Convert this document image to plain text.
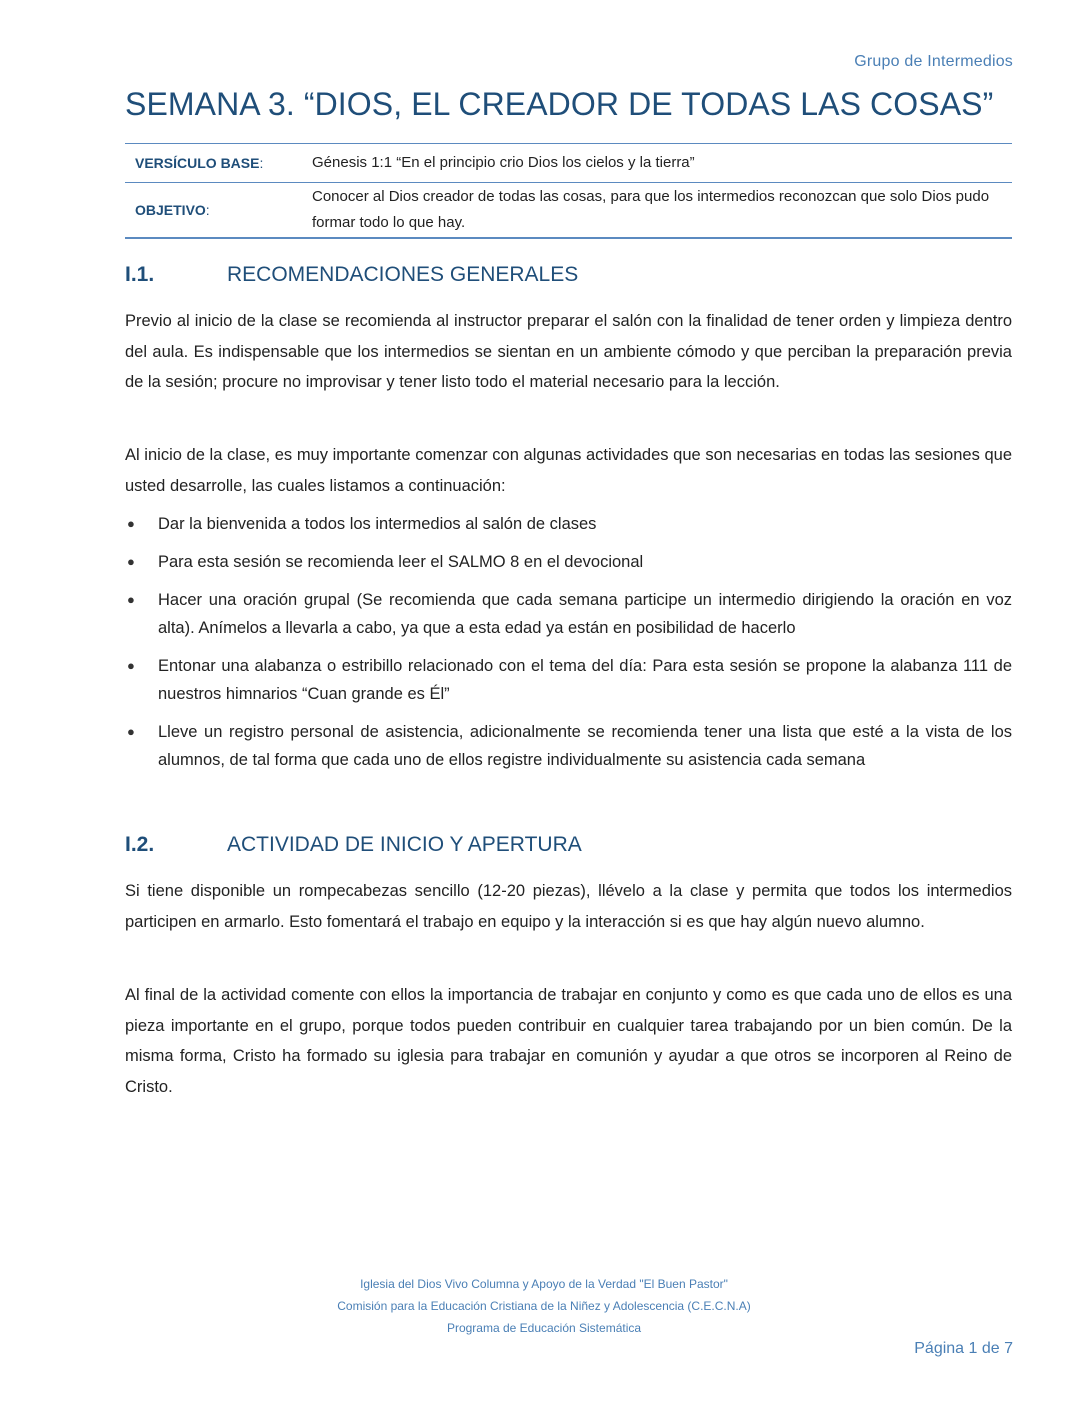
Grupo de Intermedios
SEMANA 3. “DIOS, EL CREADOR DE TODAS LAS COSAS”
VERSÍCULO BASE:	Génesis 1:1 “En el principio crio Dios los cielos y la tierra”
OBJETIVO:
Conocer al Dios creador de todas las cosas, para que los intermedios reconozcan que solo Dios pudo formar todo lo que hay.
I.1.	RECOMENDACIONES GENERALES

Previo al inicio de la clase se recomienda al instructor preparar el salón con la finalidad de tener orden y limpieza dentro del aula. Es indispensable que los intermedios se sientan en un ambiente cómodo y que perciban la preparación previa de la sesión; procure no improvisar y tener listo todo el material necesario para la lección.

Al inicio de la clase, es muy importante comenzar con algunas actividades que son necesarias en todas las sesiones que usted desarrolle, las cuales listamos a continuación:

● Dar la bienvenida a todos los intermedios al salón de clases
● Para esta sesión se recomienda leer el SALMO 8 en el devocional
● Hacer una oración grupal (Se recomienda que cada semana participe un intermedio dirigiendo la oración en voz alta). Anímelos a llevarla a cabo, ya que a esta edad ya están en posibilidad de hacerlo
● Entonar una alabanza o estribillo relacionado con el tema del día: Para esta sesión se propone la alabanza 111 de nuestros himnarios “Cuan grande es Él”
● Lleve un registro personal de asistencia, adicionalmente se recomienda tener una lista que esté a la vista de los alumnos, de tal forma que cada uno de ellos registre individualmente su asistencia cada semana
I.2.	ACTIVIDAD DE INICIO Y APERTURA

Si tiene disponible un rompecabezas sencillo (12-20 piezas), llévelo a la clase y permita que todos los intermedios participen en armarlo. Esto fomentará el trabajo en equipo y la interacción si es que hay algún nuevo alumno.

Al final de la actividad comente con ellos la importancia de trabajar en conjunto y como es que cada uno de ellos es una pieza importante en el grupo, porque todos pueden contribuir en cualquier tarea trabajando por un bien común. De la misma forma, Cristo ha formado su iglesia para trabajar en comunión y ayudar a que otros se incorporen al Reino de Cristo.

Iglesia del Dios Vivo Columna y Apoyo de la Verdad "El Buen Pastor"
Comisión para la Educación Cristiana de la Niñez y Adolescencia (C.E.C.N.A)
Programa de Educación Sistemática
Página 1 de 7
